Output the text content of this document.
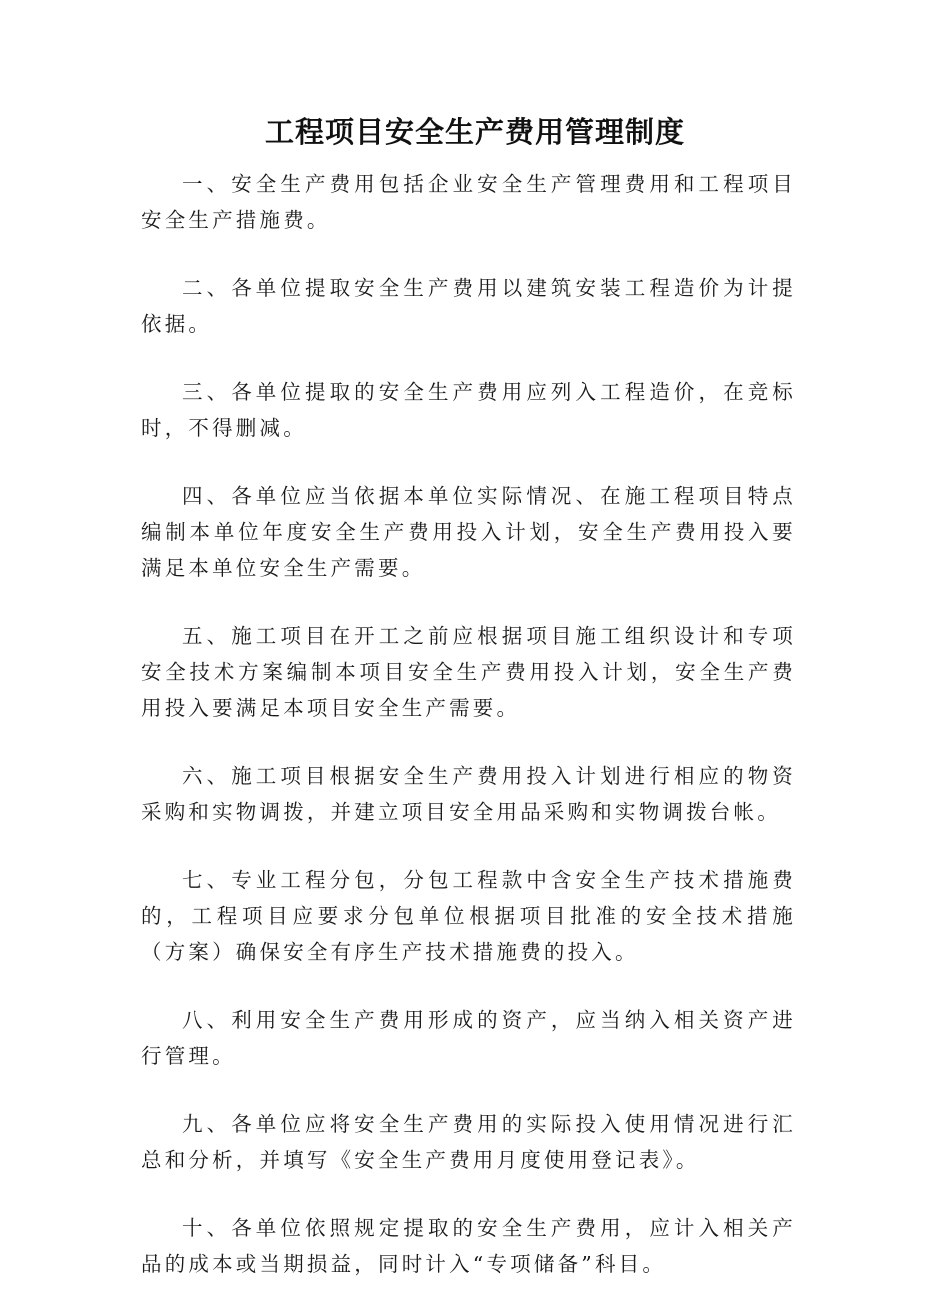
工程项目安全生产费用管理制度

一、安全生产费用包括企业安全生产管理费用和工程项目安全生产措施费。

二、各单位提取安全生产费用以建筑安装工程造价为计提依据。

三、各单位提取的安全生产费用应列入工程造价，在竞标时，不得删减。

四、各单位应当依据本单位实际情况、在施工程项目特点编制本单位年度安全生产费用投入计划，安全生产费用投入要满足本单位安全生产需要。

五、施工项目在开工之前应根据项目施工组织设计和专项安全技术方案编制本项目安全生产费用投入计划，安全生产费用投入要满足本项目安全生产需要。

六、施工项目根据安全生产费用投入计划进行相应的物资采购和实物调拨，并建立项目安全用品采购和实物调拨台帐。

七、专业工程分包，分包工程款中含安全生产技术措施费的，工程项目应要求分包单位根据项目批准的安全技术措施（方案）确保安全有序生产技术措施费的投入。

八、利用安全生产费用形成的资产，应当纳入相关资产进行管理。

九、各单位应将安全生产费用的实际投入使用情况进行汇总和分析，并填写《安全生产费用月度使用登记表》。

十、各单位依照规定提取的安全生产费用，应计入相关产品的成本或当期损益，同时计入“专项储备”科目。
